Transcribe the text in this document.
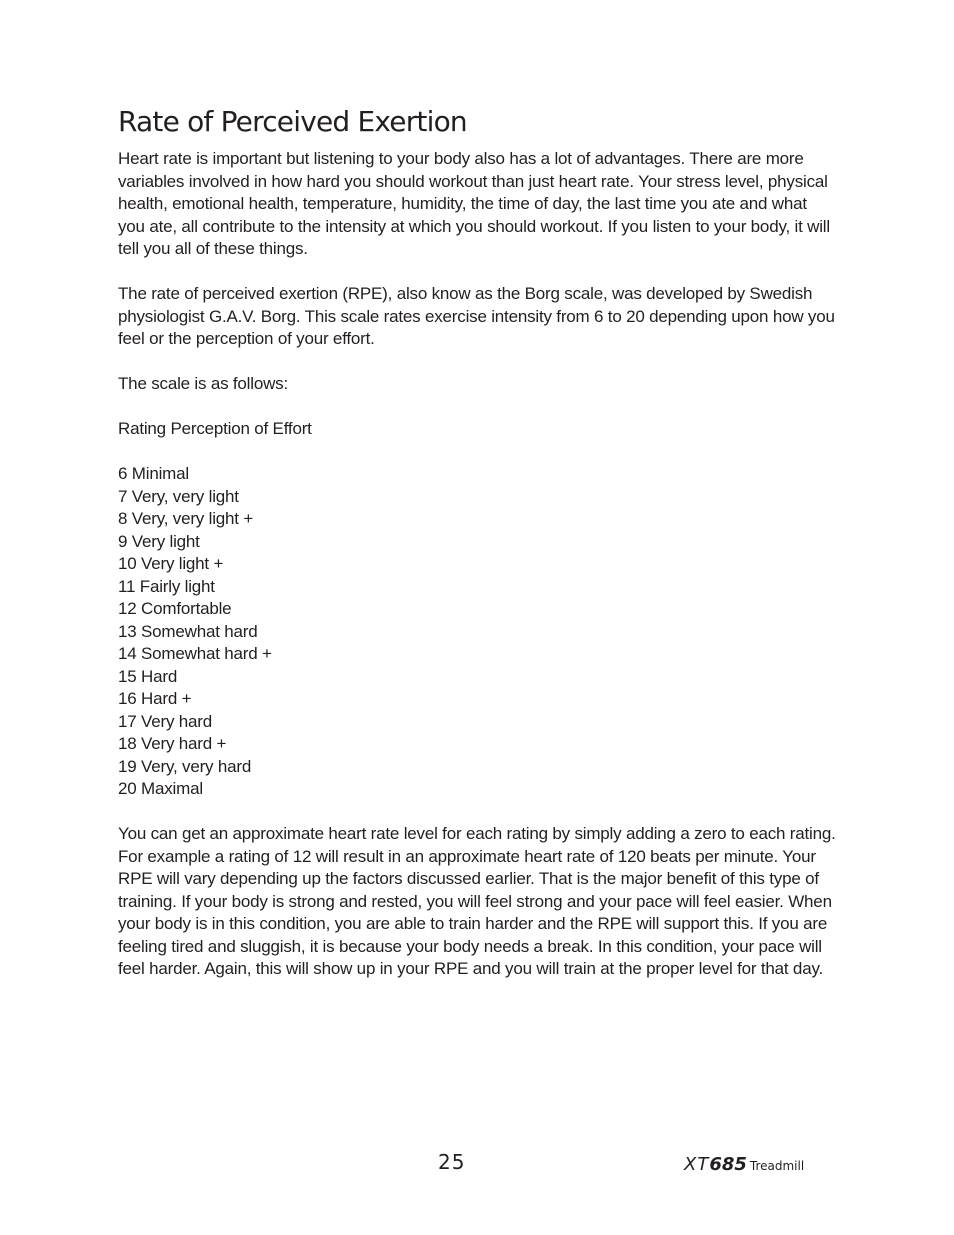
Rate of Perceived Exertion

Heart rate is important but listening to your body also has a lot of advantages. There are more variables involved in how hard you should workout than just heart rate. Your stress level, physical health, emotional health, temperature, humidity, the time of day, the last time you ate and what you ate, all contribute to the intensity at which you should workout. If you listen to your body, it will tell you all of these things.

The rate of perceived exertion (RPE), also know as the Borg scale, was developed by Swedish physiologist G.A.V. Borg. This scale rates exercise intensity from 6 to 20 depending upon how you feel or the perception of your effort.

The scale is as follows:

Rating Perception of Effort

6 Minimal
7 Very, very light
8 Very, very light +
9 Very light
10 Very light +
11 Fairly light
12 Comfortable
13 Somewhat hard
14 Somewhat hard +
15 Hard
16 Hard +
17 Very hard
18 Very hard +
19 Very, very hard
20 Maximal

You can get an approximate heart rate level for each rating by simply adding a zero to each rating. For example a rating of 12 will result in an approximate heart rate of 120 beats per minute. Your RPE will vary depending up the factors discussed earlier. That is the major benefit of this type of training. If your body is strong and rested, you will feel strong and your pace will feel easier. When your body is in this condition, you are able to train harder and the RPE will support this. If you are feeling tired and sluggish, it is because your body needs a break. In this condition, your pace will feel harder. Again, this will show up in your RPE and you will train at the proper level for that day.

25	XT685 Treadmill
